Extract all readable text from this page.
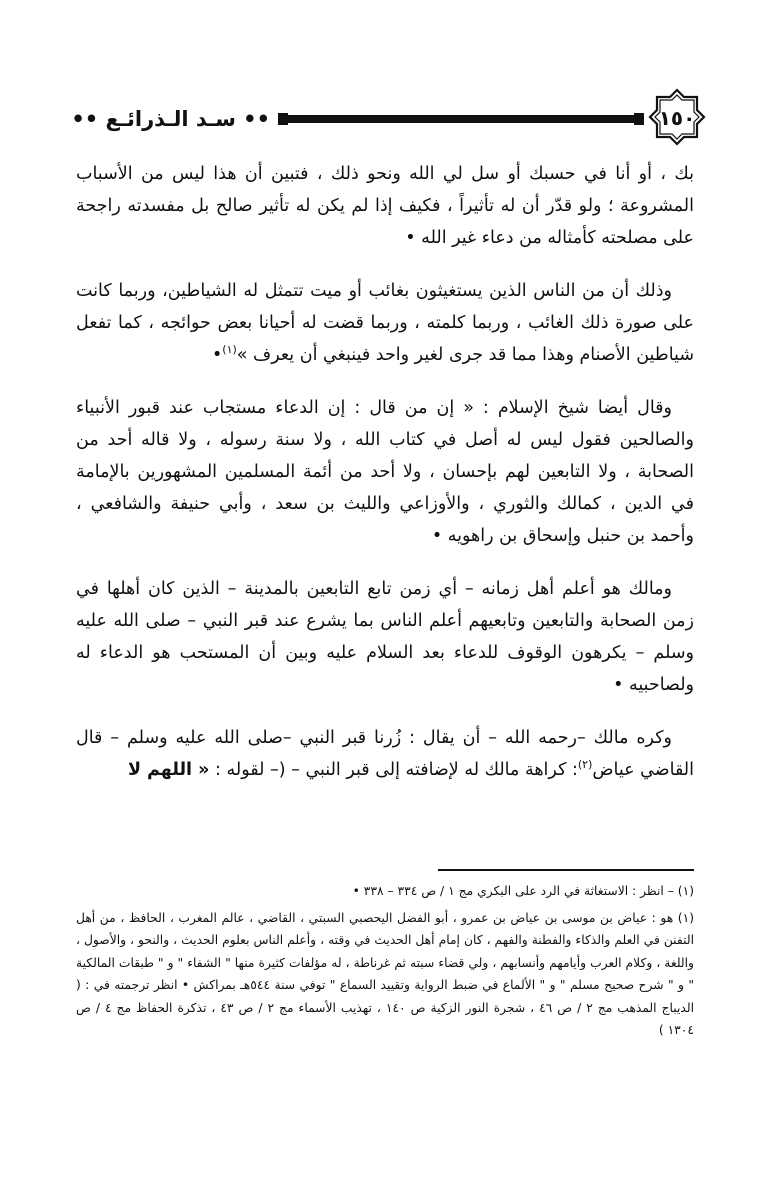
•• سـد الـذرائـع ••	١٥٠

بك ، أو أنا في حسبك أو سل لي الله ونحو ذلك ، فتبين أن هذا ليس من الأسباب المشروعة ؛ ولو قدّر أن له تأثيراً ، فكيف إذا لم يكن له تأثير صالح بل مفسدته راجحة على مصلحته كأمثاله من دعاء غير الله •

وذلك أن من الناس الذين يستغيثون بغائب أو ميت تتمثل له الشياطين، وربما كانت على صورة ذلك الغائب ، وربما كلمته ، وربما قضت له أحيانا بعض حوائجه ، كما تفعل شياطين الأصنام وهذا مما قد جرى لغير واحد فينبغي أن يعرف »$^{(١)}$•

وقال أيضا شيخ الإسلام : « إن من قال : إن الدعاء مستجاب عند قبور الأنبياء والصالحين فقول ليس له أصل في كتاب الله ، ولا سنة رسوله ، ولا قاله أحد من الصحابة ، ولا التابعين لهم بإحسان ، ولا أحد من أئمة المسلمين المشهورين بالإمامة في الدين ، كمالك والثوري ، والأوزاعي والليث بن سعد ، وأبي حنيفة والشافعي ، وأحمد بن حنبل وإسحاق بن راهويه •

ومالك هو أعلم أهل زمانه – أي زمن تابع التابعين بالمدينة – الذين كان أهلها في زمن الصحابة والتابعين وتابعيهم أعلم الناس بما يشرع عند قبر النبي – صلى الله عليه وسلم – يكرهون الوقوف للدعاء بعد السلام عليه وبين أن المستحب هو الدعاء له ولصاحبيه •

وكره مالك –رحمه الله – أن يقال : زُرنا قبر النبي –صلى الله عليه وسلم – قال القاضي عياض$^{(٢)}$: كراهة مالك له لإضافته إلى قبر النبي – (– لقوله : « اللهم لا

(١) – انظر : الاستغاثة في الرد على البكري مج ١ / ص ٣٣٤ – ٣٣٨ •

(١) هو : عياض بن موسى بن عياض بن عمرو ، أبو الفضل اليحصبي السبتي ، القاضي ، عالم المغرب ، الحافظ ، من أهل التفنن في العلم والذكاء والفطنة والفهم ، كان إمام أهل الحديث في وقته ، وأعلم الناس بعلوم الحديث ، والنحو ، والأصول ، واللغة ، وكلام العرب وأيامهم وأنسابهم ، ولي قضاء سبته ثم غرناطة ، له مؤلفات كثيرة منها " الشفاء " و " طبقات المالكية " و " شرح صحيح مسلم " و " الألماع في ضبط الرواية وتقييد السماع " توفي سنة ٥٤٤هـ بمراكش • انظر ترجمته في : ( الديباج المذهب مج ٢ / ص ٤٦ ، شجرة النور الزكية ص ١٤٠ ، تهذيب الأسماء مج ٢ / ص ٤٣ ، تذكرة الحفاظ مج ٤ / ص ١٣٠٤ )
